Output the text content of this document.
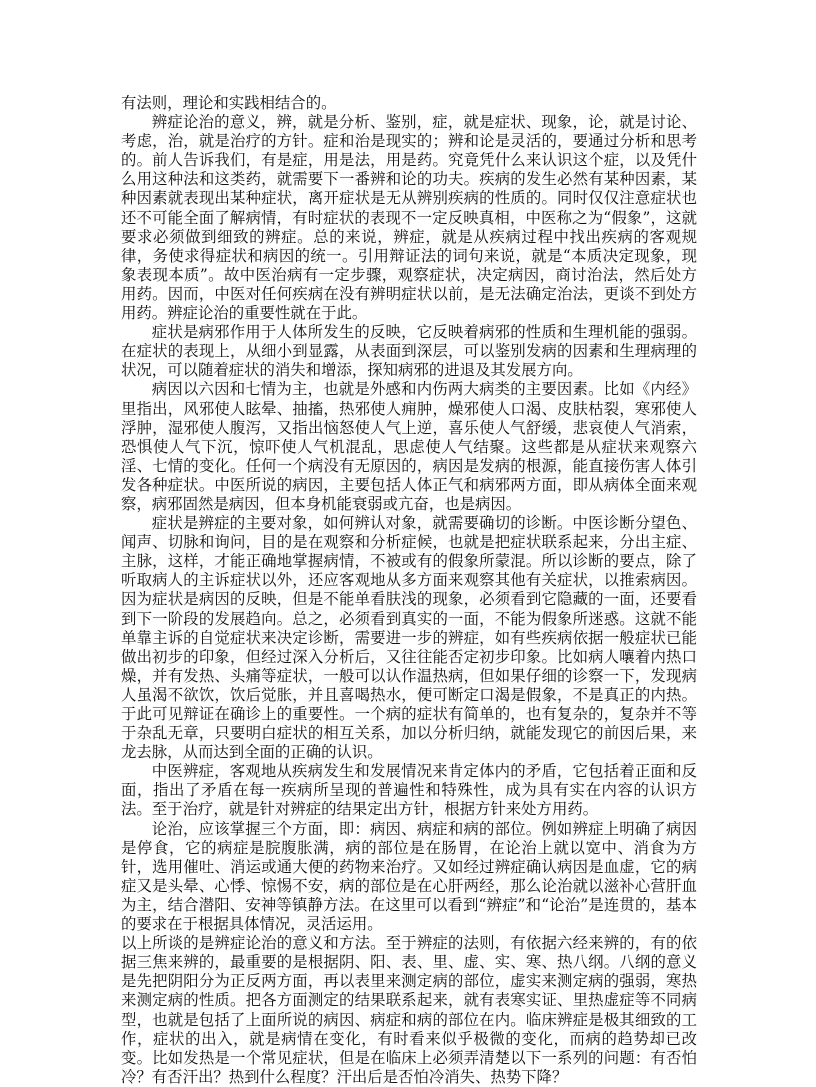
有法则，理论和实践相结合的。

辨症论治的意义，辨，就是分析、鉴别，症，就是症状、现象，论，就是讨论、考虑，治，就是治疗的方针。症和治是现实的；辨和论是灵活的，要通过分析和思考的。前人告诉我们，有是症，用是法，用是药。究竟凭什么来认识这个症，以及凭什么用这种法和这类药，就需要下一番辨和论的功夫。疾病的发生必然有某种因素，某种因素就表现出某种症状，离开症状是无从辨别疾病的性质的。同时仅仅注意症状也还不可能全面了解病情，有时症状的表现不一定反映真相，中医称之为“假象”，这就要求必须做到细致的辨症。总的来说，辨症，就是从疾病过程中找出疾病的客观规律，务使求得症状和病因的统一。引用辩证法的词句来说，就是“本质决定现象，现象表现本质”。故中医治病有一定步骤，观察症状，决定病因，商讨治法，然后处方用药。因而，中医对任何疾病在没有辨明症状以前，是无法确定治法，更谈不到处方用药。辨症论治的重要性就在于此。

症状是病邪作用于人体所发生的反映，它反映着病邪的性质和生理机能的强弱。在症状的表现上，从细小到显露，从表面到深层，可以鉴别发病的因素和生理病理的状况，可以随着症状的消失和增添，探知病邪的进退及其发展方向。

病因以六因和七情为主，也就是外感和内伤两大病类的主要因素。比如《内经》里指出，风邪使人眩晕、抽搐，热邪使人痈肿，燥邪使人口渴、皮肤枯裂，寒邪使人浮肿，湿邪使人腹泻，又指出恼怒使人气上逆，喜乐使人气舒缓，悲哀使人气消索，恐惧使人气下沉，惊吓使人气机混乱，思虑使人气结聚。这些都是从症状来观察六淫、七情的变化。任何一个病没有无原因的，病因是发病的根源，能直接伤害人体引发各种症状。中医所说的病因，主要包括人体正气和病邪两方面，即从病体全面来观察，病邪固然是病因，但本身机能衰弱或亢奋，也是病因。

症状是辨症的主要对象，如何辨认对象，就需要确切的诊断。中医诊断分望色、闻声、切脉和询问，目的是在观察和分析症候，也就是把症状联系起来，分出主症、主脉，这样，才能正确地掌握病情，不被或有的假象所蒙混。所以诊断的要点，除了听取病人的主诉症状以外，还应客观地从多方面来观察其他有关症状，以推索病因。因为症状是病因的反映，但是不能单看肤浅的现象，必须看到它隐藏的一面，还要看到下一阶段的发展趋向。总之，必须看到真实的一面，不能为假象所迷惑。这就不能单靠主诉的自觉症状来决定诊断，需要进一步的辨症，如有些疾病依据一般症状已能做出初步的印象，但经过深入分析后，又往往能否定初步印象。比如病人嚷着内热口燥，并有发热、头痛等症状，一般可以认作温热病，但如果仔细的诊察一下，发现病人虽渴不欲饮，饮后觉胀，并且喜喝热水，便可断定口渴是假象，不是真正的内热。于此可见辩证在确诊上的重要性。一个病的症状有简单的，也有复杂的，复杂并不等于杂乱无章，只要明白症状的相互关系，加以分析归纳，就能发现它的前因后果，来龙去脉，从而达到全面的正确的认识。

中医辨症，客观地从疾病发生和发展情况来肯定体内的矛盾，它包括着正面和反面，指出了矛盾在每一疾病所呈现的普遍性和特殊性，成为具有实在内容的认识方法。至于治疗，就是针对辨症的结果定出方针，根据方针来处方用药。

论治，应该掌握三个方面，即：病因、病症和病的部位。例如辨症上明确了病因是停食，它的病症是脘腹胀满，病的部位是在肠胃，在论治上就以宽中、消食为方针，选用催吐、消运或通大便的药物来治疗。又如经过辨症确认病因是血虚，它的病症又是头晕、心悸、惊惕不安，病的部位是在心肝两经，那么论治就以滋补心营肝血为主，结合潜阳、安神等镇静方法。在这里可以看到“辨症”和“论治”是连贯的，基本的要求在于根据具体情况，灵活运用。

以上所谈的是辨症论治的意义和方法。至于辨症的法则，有依据六经来辨的，有的依据三焦来辨的，最重要的是根据阴、阳、表、里、虚、实、寒、热八纲。八纲的意义是先把阴阳分为正反两方面，再以表里来测定病的部位，虚实来测定病的强弱，寒热来测定病的性质。把各方面测定的结果联系起来，就有表寒实证、里热虚症等不同病型，也就是包括了上面所说的病因、病症和病的部位在内。临床辨症是极其细致的工作，症状的出入，就是病情在变化，有时看来似乎极微的变化，而病的趋势却已改变。比如发热是一个常见症状，但是在临床上必须弄清楚以下一系列的问题：有否怕冷？有否汗出？热到什么程度？汗出后是否怕冷消失、热势下降？
